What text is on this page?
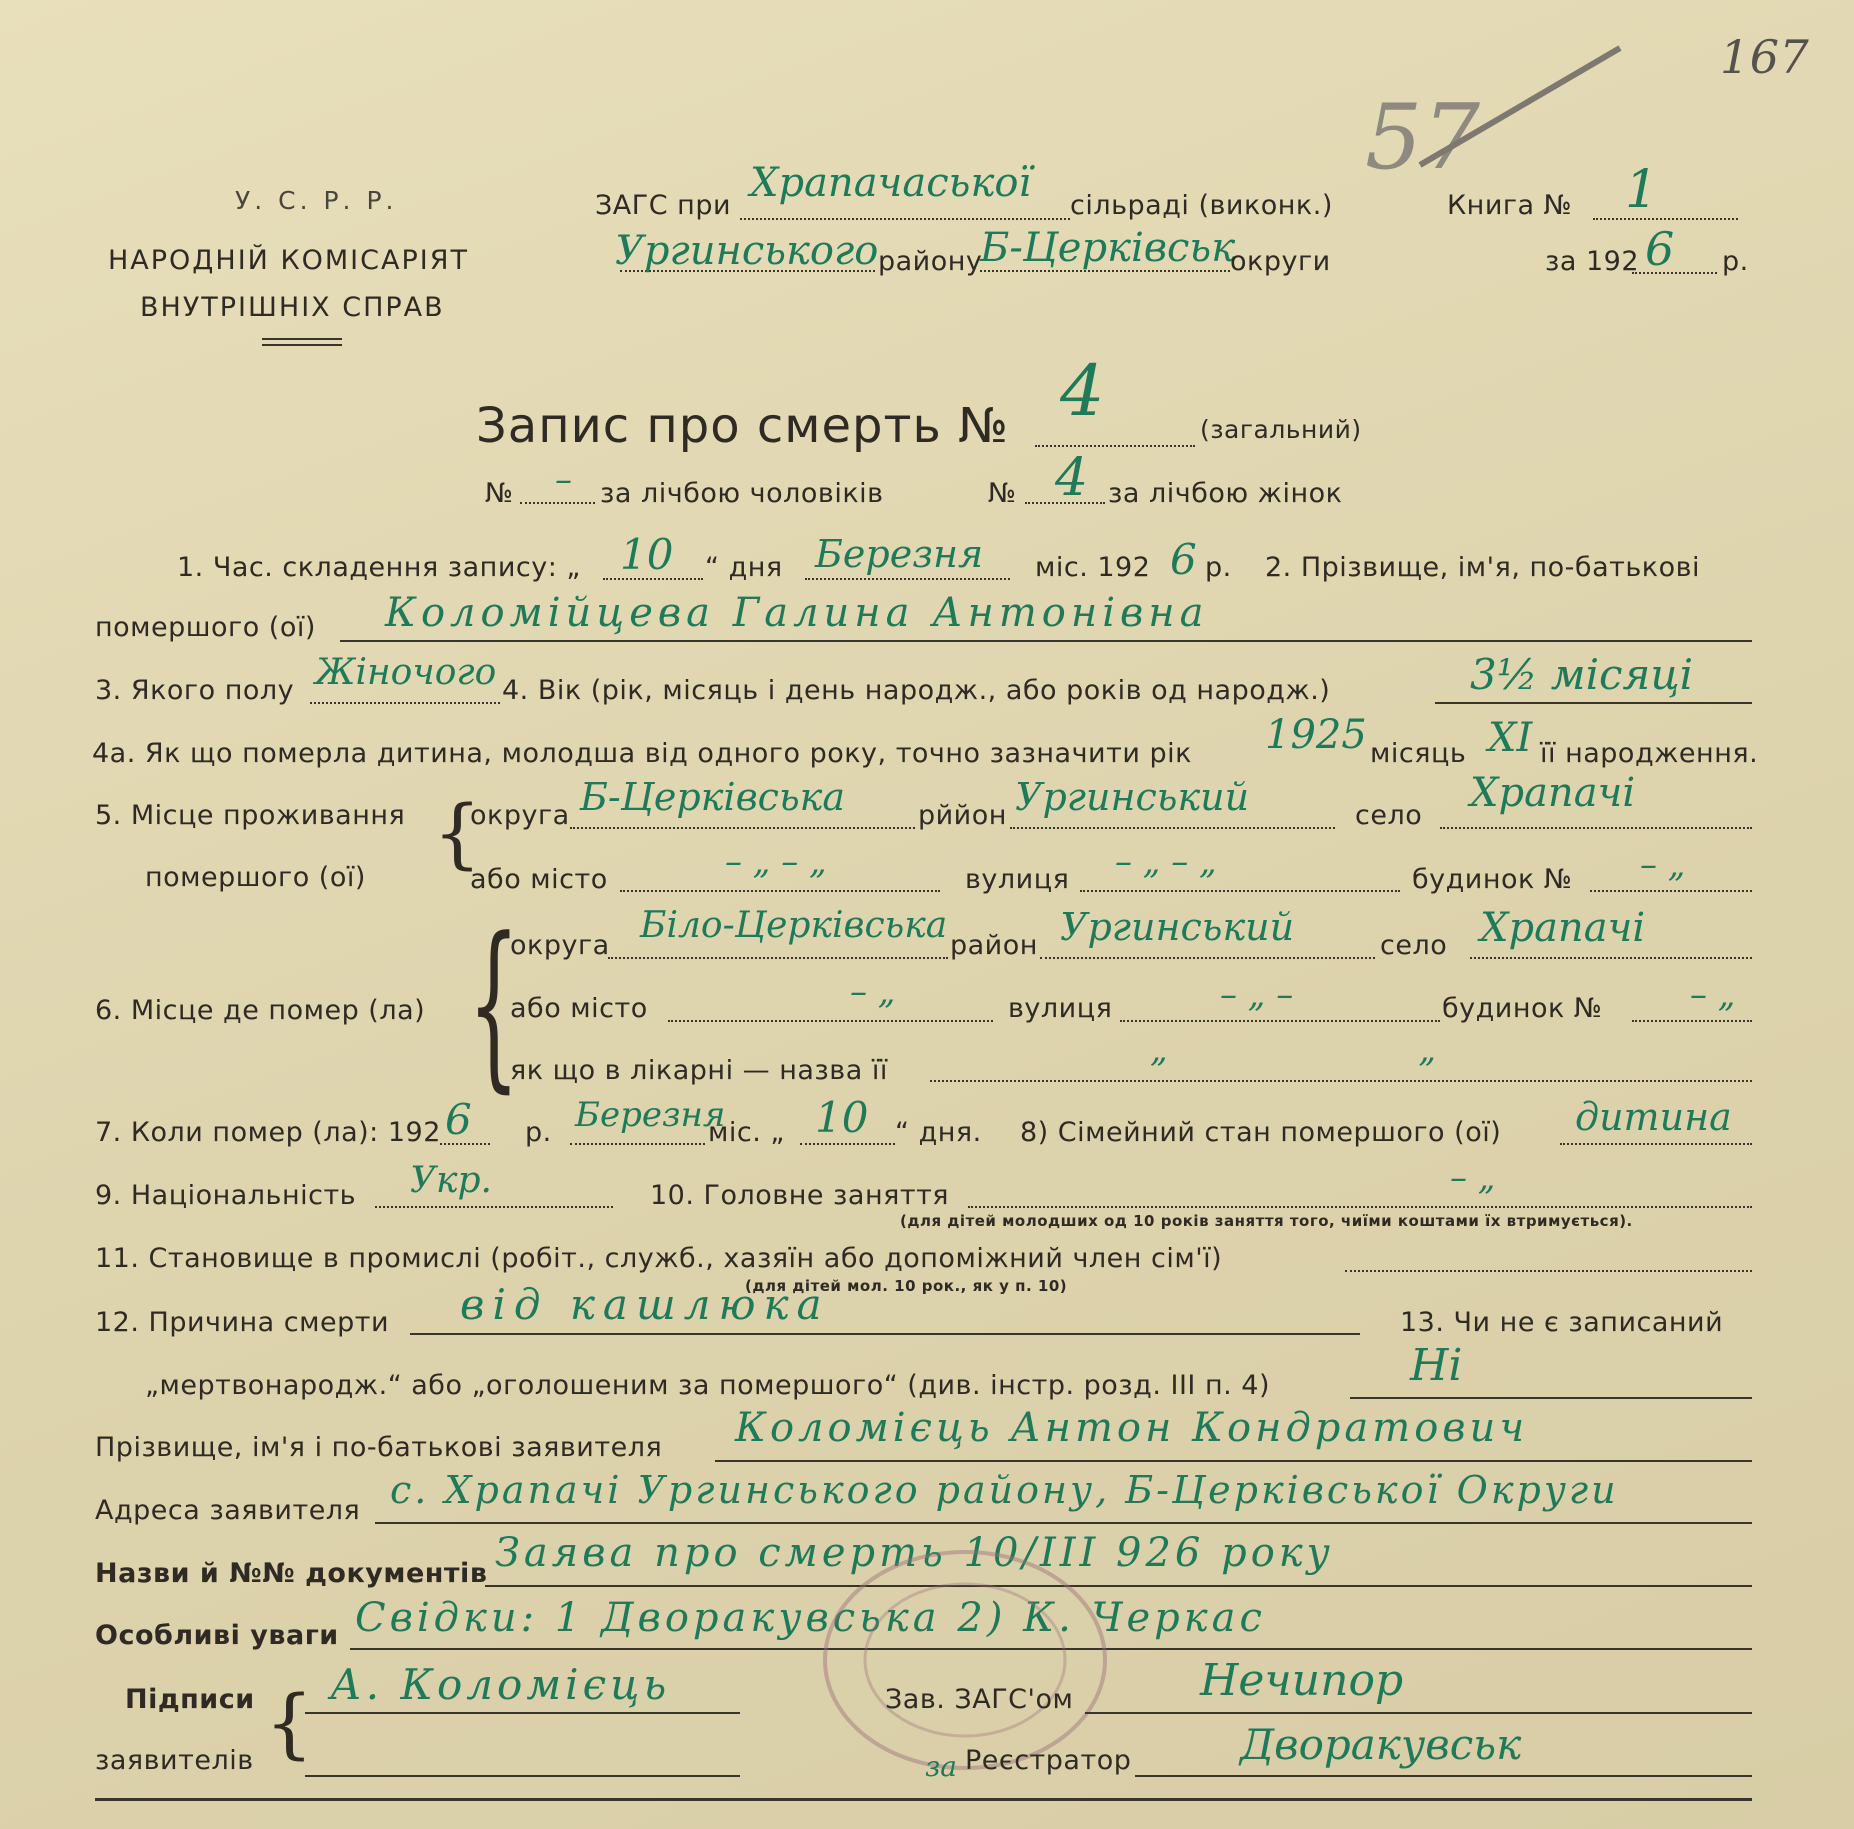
167
57
У. С. Р. Р.
НАРОДНІЙ КОМІСАРІЯТ
ВНУТРІШНІХ СПРАВ
ЗАГС при Храпачаської сільраді (виконк.)
Ургинського району
Б-Церківськ
округи
Книга № 1
за 192 6 р.
Запис про смерть № 4	(загальний)
№ – за лічбою чоловіків	№ 4 за лічбою жінок
1. Час. складення запису: „ 10 “ дня Березня міс. 192 6 р. 2. Прізвище, ім'я, по-батькові
помершого (ої) Коломійцева Галина Антонівна
3. Якого полу Жіночого 4. Вік (рік, місяць і день народж., або років од народж.)	3½ місяці
4а. Як що померла дитина, молодша від одного року, точно зазначити рік 1925 місяць XI її народження.
5. Місце проживання
помершого (ої)
{
округа Б-Церківська	рййон Ургинський	село Храпачі
або місто	– „ – „	вулиця – „ – „	будинок № – „
6. Місце де помер (ла) {
округа Біло-Церківська район Ургинський	село Храпачі
або місто	– „	вулиця	– „ –	будинок №	– „
як що в лікарні — назва її
„ „
7. Коли помер (ла): 192 6 р. Березня
міс. „ 10 “ дня. 8) Сімейний стан помершого (ої) дитина
9. Національність Укр.	10. Головне заняття	– „
(для дітей молодших од 10 років заняття того, чиїми коштами їх втримується).
11. Становище в промислі (робіт., служб., хазяїн або допоміжний член сім'ї)
(для дітей мол. 10 рок., як у п. 10)
12. Причина смерти від кашлюка	13. Чи не є записаний
„мертвонародж.“ або „оголошеним за помершого“ (див. інстр. розд. III п. 4)	Ні
Прізвище, ім'я і по-батькові заявителя Коломієць Антон Кондратович
Адреса заявителя с. Храпачі Ургинського району, Б-Церківської Округи
Назви й №№ документів Заява про смерть 10/III 926 року
Особливі уваги Свідки: 1 Дворакувська 2) К. Черкас
Підписи
заявителів { А. Коломієць	Зав. ЗАГС'ом	Нечипор
за Реєстратор	Дворакувськ
